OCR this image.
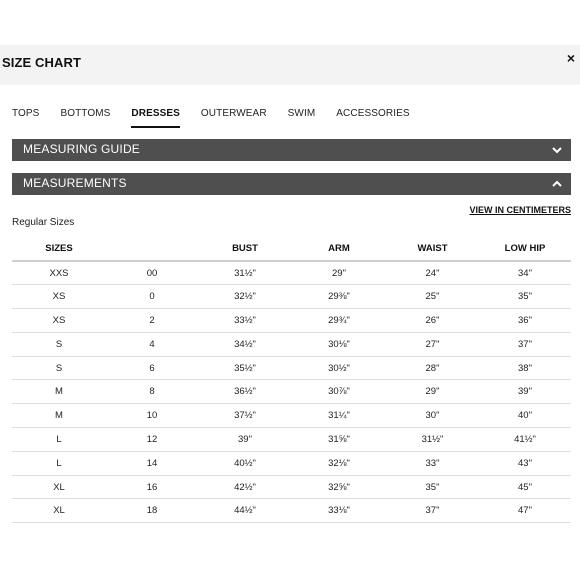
SIZE CHART	×
TOPS BOTTOMS DRESSES OUTERWEAR SWIM ACCESSORIES
MEASURING GUIDE
MEASUREMENTS
VIEW IN CENTIMETERS
Regular Sizes
SIZES		BUST	ARM	WAIST	LOW HIP
XXS	00	31½"	29"	24"	34"
XS	0	32½"	29⅜"	25"	35"
XS	2	33½"	29¾"	26"	36"
S	4	34½"	30⅛"	27"	37"
S	6	35½"	30½"	28"	38"
M	8	36½"	30⅞"	29"	39"
M	10	37½"	31¼"	30"	40"
L	12	39"	31⅝"	31½"	41½"
L	14	40½"	32⅛"	33"	43"
XL	16	42½"	32⅝"	35"	45"
XL	18	44½"	33⅛"	37"	47"
